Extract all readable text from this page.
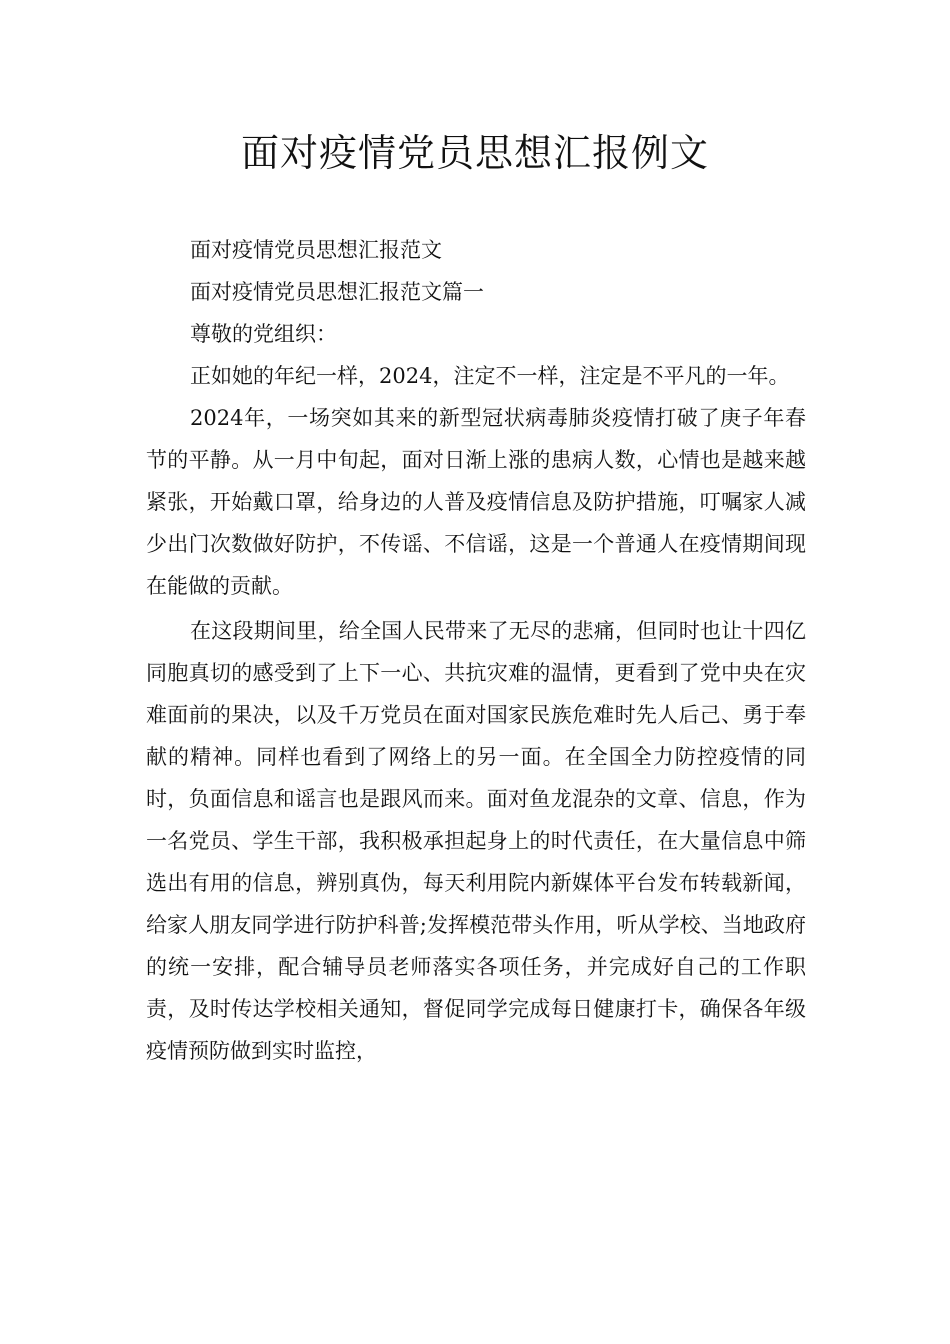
面对疫情党员思想汇报例文

面对疫情党员思想汇报范文

面对疫情党员思想汇报范文篇一

尊敬的党组织：

正如她的年纪一样，2024，注定不一样，注定是不平凡的一年。

2024年，一场突如其来的新型冠状病毒肺炎疫情打破了庚子年春节的平静。从一月中旬起，面对日渐上涨的患病人数，心情也是越来越紧张，开始戴口罩，给身边的人普及疫情信息及防护措施，叮嘱家人减少出门次数做好防护，不传谣、不信谣，这是一个普通人在疫情期间现在能做的贡献。

在这段期间里，给全国人民带来了无尽的悲痛，但同时也让十四亿同胞真切的感受到了上下一心、共抗灾难的温情，更看到了党中央在灾难面前的果决，以及千万党员在面对国家民族危难时先人后己、勇于奉献的精神。同样也看到了网络上的另一面。在全国全力防控疫情的同时，负面信息和谣言也是跟风而来。面对鱼龙混杂的文章、信息，作为一名党员、学生干部，我积极承担起身上的时代责任，在大量信息中筛选出有用的信息，辨别真伪，每天利用院内新媒体平台发布转载新闻，给家人朋友同学进行防护科普;发挥模范带头作用，听从学校、当地政府的统一安排，配合辅导员老师落实各项任务，并完成好自己的工作职责，及时传达学校相关通知，督促同学完成每日健康打卡，确保各年级疫情预防做到实时监控，
